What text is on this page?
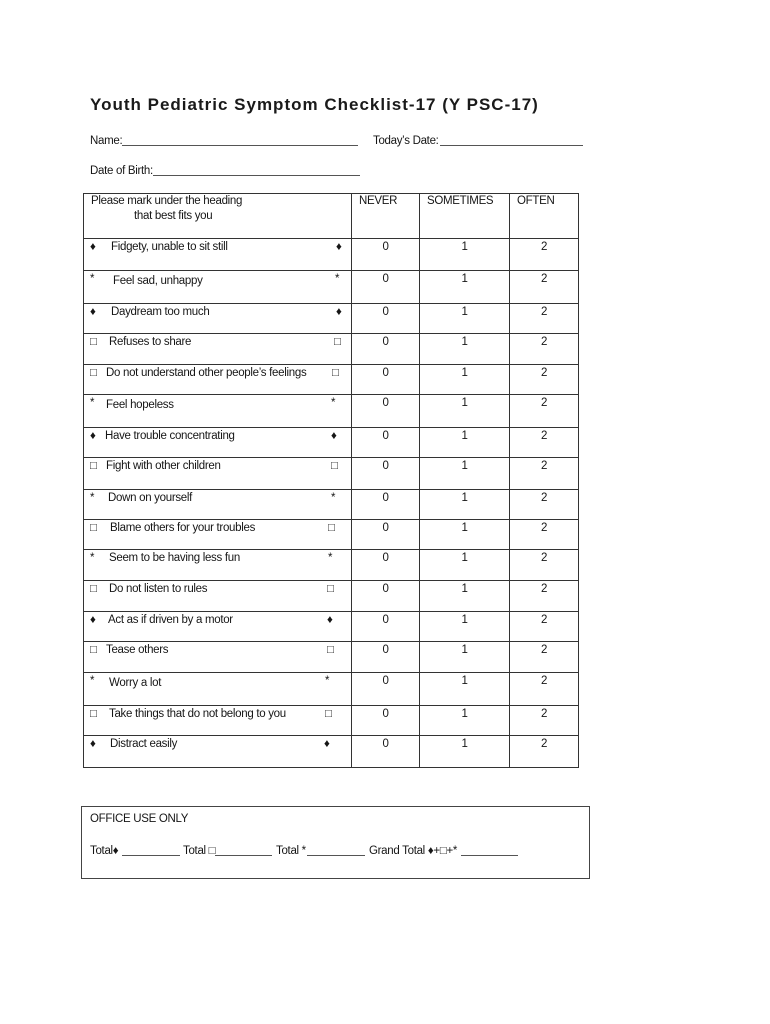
Youth Pediatric Symptom Checklist-17 (Y PSC-17)
Name:	Today’s Date:
Date of Birth:
Please mark under the heading
that best fits you
NEVER	SOMETIMES	OFTEN
♦ Fidgety, unable to sit still	♦	0	1	2
* Feel sad, unhappy	*	0	1	2
♦ Daydream too much	♦	0	1	2
□ Refuses to share	□	0	1	2
□ Do not understand other people’s feelings □	0	1	2
* Feel hopeless	*	0	1	2
♦ Have trouble concentrating	♦	0	1	2
□ Fight with other children	□	0	1	2
* Down on yourself	*	0	1	2
□ Blame others for your troubles	□	0	1	2
* Seem to be having less fun	*	0	1	2
□ Do not listen to rules	□	0	1	2
♦ Act as if driven by a motor	♦	0	1	2
□ Tease others	□	0	1	2
* Worry a lot	*	0	1	2
□ Take things that do not belong to you	□	0	1	2
♦ Distract easily	♦	0	1	2
OFFICE USE ONLY
Total♦	Total □	Total *	Grand Total ♦+□+*
